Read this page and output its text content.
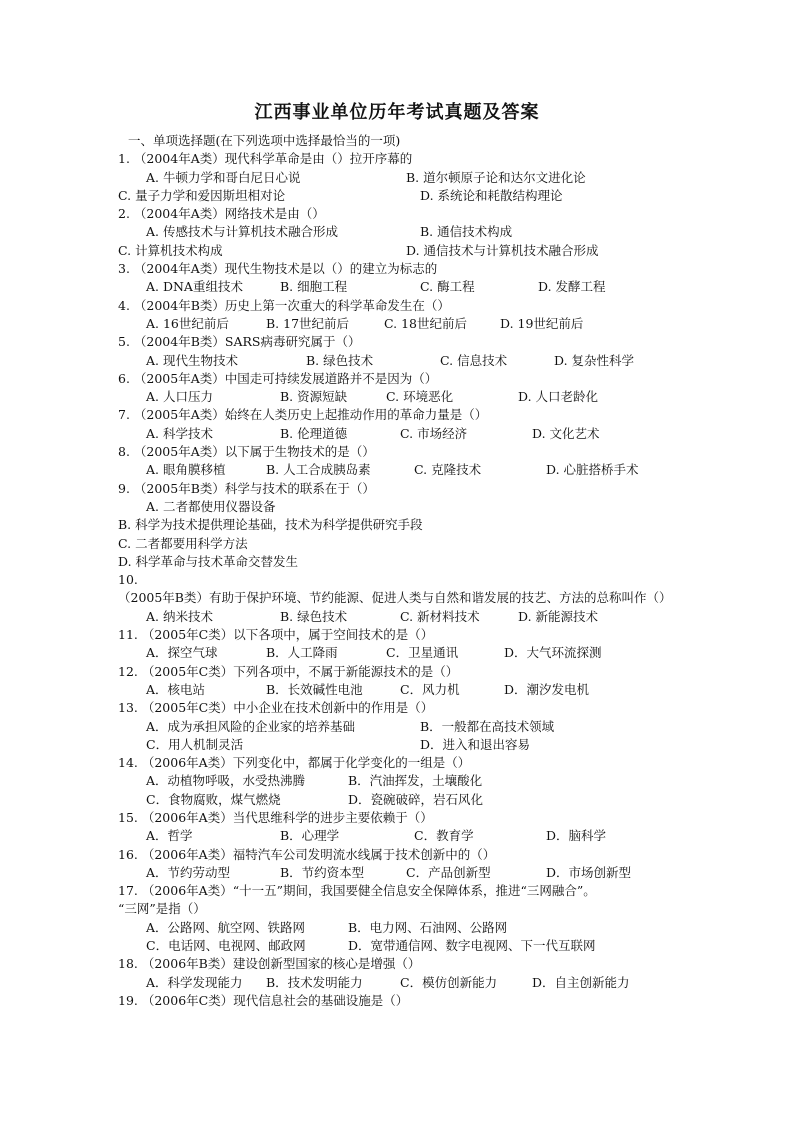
江西事业单位历年考试真题及答案
一、单项选择题(在下列选项中选择最恰当的一项)
1. （2004年A类）现代科学革命是由（）拉开序幕的
A. 牛顿力学和哥白尼日心说	B. 道尔顿原子论和达尔文进化论
C. 量子力学和爱因斯坦相对论	D. 系统论和耗散结构理论
2. （2004年A类）网络技术是由（）
A. 传感技术与计算机技术融合形成	B. 通信技术构成
C. 计算机技术构成	D. 通信技术与计算机技术融合形成
3. （2004年A类）现代生物技术是以（）的建立为标志的
A. DNA重组技术	B. 细胞工程	C. 酶工程	D. 发酵工程
4. （2004年B类）历史上第一次重大的科学革命发生在（）
A. 16世纪前后	B. 17世纪前后	C. 18世纪前后	D. 19世纪前后
5. （2004年B类）SARS病毒研究属于（）
A. 现代生物技术	B. 绿色技术	C. 信息技术	D. 复杂性科学
6. （2005年A类）中国走可持续发展道路并不是因为（）
A. 人口压力	B. 资源短缺	C. 环境恶化	D. 人口老龄化
7. （2005年A类）始终在人类历史上起推动作用的革命力量是（）
A. 科学技术	B. 伦理道德	C. 市场经济	D. 文化艺术
8. （2005年A类）以下属于生物技术的是（）
A. 眼角膜移植	B. 人工合成胰岛素	C. 克隆技术	D. 心脏搭桥手术
9. （2005年B类）科学与技术的联系在于（）
A. 二者都使用仪器设备
B. 科学为技术提供理论基础，技术为科学提供研究手段
C. 二者都要用科学方法
D. 科学革命与技术革命交替发生
10.
（2005年B类）有助于保护环境、节约能源、促进人类与自然和谐发展的技艺、方法的总称叫作（）
A. 纳米技术	B. 绿色技术	C. 新材料技术	D. 新能源技术
11. （2005年C类）以下各项中，属于空间技术的是（）
A．探空气球	B．人工降雨	C．卫星通讯	D．大气环流探测
12. （2005年C类）下列各项中，不属于新能源技术的是（）
A．核电站	B．长效碱性电池	C．风力机	D．潮汐发电机
13. （2005年C类）中小企业在技术创新中的作用是（）
A．成为承担风险的企业家的培养基础	B．一般都在高技术领域
C．用人机制灵活	D．进入和退出容易
14. （2006年A类）下列变化中，都属于化学变化的一组是（）
A．动植物呼吸，水受热沸腾	B．汽油挥发，土壤酸化
C．食物腐败，煤气燃烧	D．瓷碗破碎，岩石风化
15. （2006年A类）当代思维科学的进步主要依赖于（）
A．哲学	B．心理学	C．教育学	D．脑科学
16. （2006年A类）福特汽车公司发明流水线属于技术创新中的（）
A．节约劳动型	B．节约资本型	C．产品创新型	D．市场创新型
17. （2006年A类）“十一五”期间，我国要健全信息安全保障体系，推进“三网融合”。
“三网”是指（）
A．公路网、航空网、铁路网	B．电力网、石油网、公路网
C．电话网、电视网、邮政网	D．宽带通信网、数字电视网、下一代互联网
18. （2006年B类）建设创新型国家的核心是增强（）
A．科学发现能力 B．技术发明能力	C．模仿创新能力	D．自主创新能力
19. （2006年C类）现代信息社会的基础设施是（）
